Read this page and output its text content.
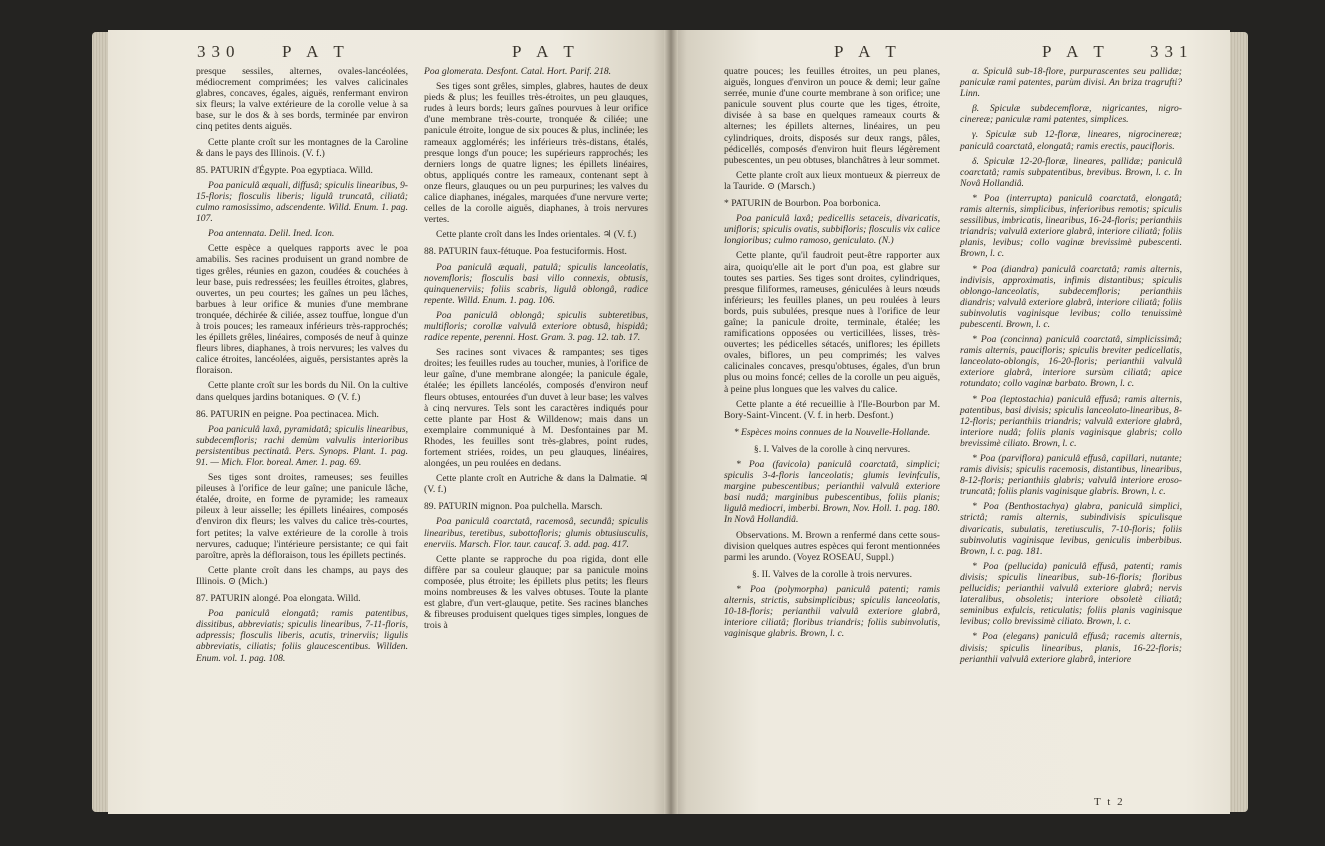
330 P A T	P A T	P A T	P A T 331

presque sessiles, alternes, ovales-lancéolées, médiocrement comprimées; les valves calicinales glabres, concaves, égales, aiguës, renfermant environ six fleurs; la valve extérieure de la corolle velue à sa base, sur le dos & à ses bords, terminée par environ cinq petites dents aiguës.

Cette plante croît sur les montagnes de la Caroline & dans le pays des Illinois. (V. f.)

85. PATURIN d'Égypte. Poa egyptiaca. Willd.

Poa paniculâ æquali, diffusâ; spiculis linearibus, 9-15-floris; flosculis liberis; ligulâ truncatâ, ciliatâ; culmo ramosissimo, adscendente. Willd. Enum. 1. pag. 107.

Poa antennata. Delil. Ined. Icon.

Cette espèce a quelques rapports avec le poa amabilis. Ses racines produisent un grand nombre de tiges grêles, réunies en gazon, coudées & couchées à leur base, puis redressées; les feuilles étroites, glabres, ouvertes, un peu courtes; les gaînes un peu lâches, barbues à leur orifice & munies d'une membrane tronquée, déchirée & ciliée, assez touffue, longue d'un à trois pouces; les rameaux inférieurs très-rapprochés; les épillets grêles, linéaires, composés de neuf à quinze fleurs libres, diaphanes, à trois nervures; les valves du calice étroites, lancéolées, aiguës, persistantes après la floraison.

Cette plante croît sur les bords du Nil. On la cultive dans quelques jardins botaniques. ⊙ (V. f.)

86. PATURIN en peigne. Poa pectinacea. Mich.

Poa paniculâ laxâ, pyramidatâ; spiculis linearibus, subdecemfloris; rachi demùm valvulis interioribus persistentibus pectinatâ. Pers. Synops. Plant. 1. pag. 91. — Mich. Flor. boreal. Amer. 1. pag. 69.

Ses tiges sont droites, rameuses; ses feuilles pileuses à l'orifice de leur gaîne; une panicule lâche, étalée, droite, en forme de pyramide; les rameaux pileux à leur aisselle; les épillets linéaires, composés d'environ dix fleurs; les valves du calice très-courtes, fort petites; la valve extérieure de la corolle à trois nervures, caduque; l'intérieure persistante; ce qui fait paroître, après la défloraison, tous les épillets pectinés.

Cette plante croît dans les champs, au pays des Illinois. ⊙ (Mich.)

87. PATURIN alongé. Poa elongata. Willd.

Poa paniculâ elongatâ; ramis patentibus, dissitibus, abbreviatis; spiculis linearibus, 7-11-floris, adpressis; flosculis liberis, acutis, trinerviis; ligulis abbreviatis, ciliatis; foliis glaucescentibus. Willden. Enum. vol. 1. pag. 108.

Poa glomerata. Desfont. Catal. Hort. Parif. 218.

Ses tiges sont grêles, simples, glabres, hautes de deux pieds & plus; les feuilles très-étroites, un peu glauques, rudes à leurs bords; leurs gaînes pourvues à leur orifice d'une membrane très-courte, tronquée & ciliée; une panicule étroite, longue de six pouces & plus, inclinée; les rameaux agglomérés; les inférieurs très-distans, étalés, presque longs d'un pouce; les supérieurs rapprochés; les derniers longs de quatre lignes; les épillets linéaires, obtus, appliqués contre les rameaux, contenant sept à onze fleurs, glauques ou un peu purpurines; les valves du calice diaphanes, inégales, marquées d'une nervure verte; celles de la corolle aiguës, diaphanes, à trois nervures vertes.

Cette plante croît dans les Indes orientales. ♃ (V. f.)

88. PATURIN faux-fétuque. Poa festuciformis. Host.

Poa paniculâ æquali, patulâ; spiculis lanceolatis, novemfloris; flosculis basi villo connexis, obtusis, quinquenerviis; foliis scabris, ligulâ oblongâ, radice repente. Willd. Enum. 1. pag. 106.

Poa paniculâ oblongâ; spiculis subteretibus, multifloris; corollæ valvulâ exteriore obtusâ, hispidâ; radice repente, perenni. Host. Gram. 3. pag. 12. tab. 17.

Ses racines sont vivaces & rampantes; ses tiges droites; les feuilles rudes au toucher, munies, à l'orifice de leur gaîne, d'une membrane alongée; la panicule égale, étalée; les épillets lancéolés, composés d'environ neuf fleurs obtuses, entourées d'un duvet à leur base; les valves à cinq nervures. Tels sont les caractères indiqués pour cette plante par Host & Willdenow; mais dans un exemplaire communiqué à M. Desfontaines par M. Rhodes, les feuilles sont très-glabres, point rudes, fortement striées, roides, un peu glauques, linéaires, alongées, un peu roulées en dedans.

Cette plante croît en Autriche & dans la Dalmatie. ♃ (V. f.)

89. PATURIN mignon. Poa pulchella. Marsch.

Poa paniculâ coarctatâ, racemosâ, secundâ; spiculis linearibus, teretibus, subottofloris; glumis obtusiusculis, enerviis. Marsch. Flor. taur. caucaf. 3. add. pag. 417.

Cette plante se rapproche du poa rigida, dont elle diffère par sa couleur glauque; par sa panicule moins composée, plus étroite; les épillets plus petits; les fleurs moins nombreuses & les valves obtuses. Toute la plante est glabre, d'un vert-glauque, petite. Ses racines blanches & fibreuses produisent quelques tiges simples, longues de trois à

quatre pouces; les feuilles étroites, un peu planes, aiguës, longues d'environ un pouce & demi; leur gaîne serrée, munie d'une courte membrane à son orifice; une panicule souvent plus courte que les tiges, étroite, divisée à sa base en quelques rameaux courts & alternes; les épillets alternes, linéaires, un peu cylindriques, droits, disposés sur deux rangs, pâles, pédicellés, composés d'environ huit fleurs légèrement pubescentes, un peu obtuses, blanchâtres à leur sommet.

Cette plante croît aux lieux montueux & pierreux de la Tauride. ⊙ (Marsch.)

* PATURIN de Bourbon. Poa borbonica.

Poa paniculâ laxâ; pedicellis setaceis, divaricatis, unifloris; spiculis ovatis, subbifloris; flosculis vix calice longioribus; culmo ramoso, geniculato. (N.)

Cette plante, qu'il faudroit peut-être rapporter aux aira, quoiqu'elle ait le port d'un poa, est glabre sur toutes ses parties. Ses tiges sont droites, cylindriques, presque filiformes, rameuses, géniculées à leurs nœuds inférieurs; les feuilles planes, un peu roulées à leurs bords, puis subulées, presque nues à l'orifice de leur gaîne; la panicule droite, terminale, étalée; les ramifications opposées ou verticillées, lisses, très-ouvertes; les pédicelles sétacés, uniflores; les épillets ovales, biflores, un peu comprimés; les valves calicinales concaves, presqu'obtuses, égales, d'un brun plus ou moins foncé; celles de la corolle un peu aiguës, à peine plus longues que les valves du calice.

Cette plante a été recueillie à l'Ile-Bourbon par M. Bory-Saint-Vincent. (V. f. in herb. Desfont.)

* Espèces moins connues de la Nouvelle-Hollande.

§. I. Valves de la corolle à cinq nervures.

* Poa (favicola) paniculâ coarctatâ, simplici; spiculis 3-4-floris lanceolatis; glumis levinfculis, margine pubescentibus; perianthii valvulâ exteriore basi nudâ; marginibus pubescentibus, foliis planis; ligulâ mediocri, imberbi. Brown, Nov. Holl. 1. pag. 180. In Novâ Hollandiâ.

Observations. M. Brown a renfermé dans cette sous-division quelques autres espèces qui feront mentionnées parmi les arundo. (Voyez ROSEAU, Suppl.)

§. II. Valves de la corolle à trois nervures.

* Poa (polymorpha) paniculâ patenti; ramis alternis, strictis, subsimplicibus; spiculis lanceolatis, 10-18-floris; perianthii valvulâ exteriore glabrâ, interiore ciliatâ; floribus triandris; foliis subinvolutis, vaginisque glabris. Brown, l. c.

α. Spiculâ sub-18-flore, purpurascentes seu pallidæ; paniculæ rami patentes, parùm divisi. An briza tragrufti? Linn.

β. Spiculæ subdecemfloræ, nigricantes, nigro-cinereæ; paniculæ rami patentes, simplices.

γ. Spiculæ sub 12-floræ, lineares, nigrocinereæ; paniculâ coarctatâ, elongatâ; ramis erectis, paucifloris.

δ. Spiculæ 12-20-floræ, lineares, pallidæ; paniculâ coarctatâ; ramis subpatentibus, brevibus. Brown, l. c. In Novâ Hollandiâ.

* Poa (interrupta) paniculâ coarctatâ, elongatâ; ramis alternis, simplicibus, inferioribus remotis; spiculis sessilibus, imbricatis, linearibus, 16-24-floris; perianthiis triandris; valvulâ exteriore glabrâ, interiore ciliatâ; foliis planis, levibus; collo vaginæ brevissimè pubescenti. Brown, l. c.

* Poa (diandra) paniculâ coarctatâ; ramis alternis, indivisis, approximatis, infimis distantibus; spiculis oblongo-lanceolatis, subdecemfloris; perianthiis diandris; valvulâ exteriore glabrâ, interiore ciliatâ; foliis subinvolutis vaginisque levibus; collo tenuissimè pubescenti. Brown, l. c.

* Poa (concinna) paniculâ coarctatâ, simplicissimâ; ramis alternis, paucifloris; spiculis breviter pedicellatis, lanceolato-oblongis, 16-20-floris; perianthii valvulâ exteriore glabrâ, interiore sursùm ciliatâ; apice rotundato; collo vaginæ barbato. Brown, l. c.

* Poa (leptostachia) paniculâ effusâ; ramis alternis, patentibus, basi divisis; spiculis lanceolato-linearibus, 8-12-floris; perianthiis triandris; valvulâ exteriore glabrâ, interiore nudâ; foliis planis vaginisque glabris; collo brevissimè ciliato. Brown, l. c.

* Poa (parviflora) paniculâ effusâ, capillari, nutante; ramis divisis; spiculis racemosis, distantibus, linearibus, 8-12-floris; perianthiis glabris; valvulâ interiore eroso-truncatâ; foliis planis vaginisque glabris. Brown, l. c.

* Poa (Benthostachya) glabra, paniculâ simplici, strictâ; ramis alternis, subindivisis spiculisque divaricatis, subulatis, teretiusculis, 7-10-floris; foliis subinvolutis vaginisque levibus, geniculis imberbibus. Brown, l. c. pag. 181.

* Poa (pellucida) paniculâ effusâ, patenti; ramis divisis; spiculis linearibus, sub-16-floris; floribus pellucidis; perianthii valvulâ exteriore glabrâ; nervis lateralibus, obsoletis; interiore obsoletè ciliatâ; seminibus exfulcis, reticulatis; foliis planis vaginisque levibus; collo brevissimè ciliato. Brown, l. c.

* Poa (elegans) paniculâ effusâ; racemis alternis, divisis; spiculis linearibus, planis, 16-22-floris; perianthii valvulâ exteriore glabrâ, interiore

T t 2
